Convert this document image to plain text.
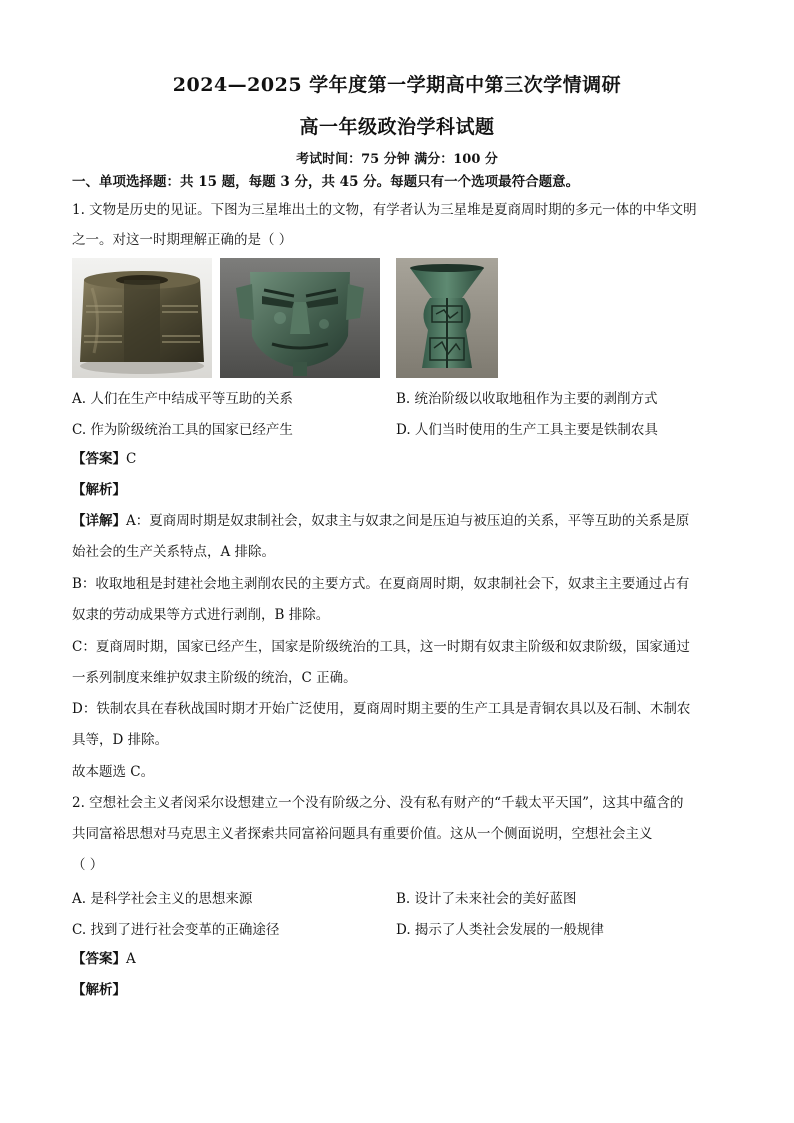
2024—2025 学年度第一学期高中第三次学情调研
高一年级政治学科试题
考试时间：75 分钟 满分：100 分
一、单项选择题：共 15 题，每题 3 分，共 45 分。每题只有一个选项最符合题意。
1. 文物是历史的见证。下图为三星堆出土的文物，有学者认为三星堆是夏商周时期的多元一体的中华文明
之一。对这一时期理解正确的是（ ）
A. 人们在生产中结成平等互助的关系	B. 统治阶级以收取地租作为主要的剥削方式
C. 作为阶级统治工具的国家已经产生	D. 人们当时使用的生产工具主要是铁制农具
【答案】C
【解析】
【详解】A：夏商周时期是奴隶制社会，奴隶主与奴隶之间是压迫与被压迫的关系，平等互助的关系是原
始社会的生产关系特点，A 排除。
B：收取地租是封建社会地主剥削农民的主要方式。在夏商周时期，奴隶制社会下，奴隶主主要通过占有
奴隶的劳动成果等方式进行剥削，B 排除。
C：夏商周时期，国家已经产生，国家是阶级统治的工具，这一时期有奴隶主阶级和奴隶阶级，国家通过
一系列制度来维护奴隶主阶级的统治，C 正确。
D：铁制农具在春秋战国时期才开始广泛使用，夏商周时期主要的生产工具是青铜农具以及石制、木制农
具等，D 排除。
故本题选 C。
2. 空想社会主义者闵采尔设想建立一个没有阶级之分、没有私有财产的“千载太平天国”，这其中蕴含的
共同富裕思想对马克思主义者探索共同富裕问题具有重要价值。这从一个侧面说明，空想社会主义
（ ）
A. 是科学社会主义的思想来源	B. 设计了未来社会的美好蓝图
C. 找到了进行社会变革的正确途径	D. 揭示了人类社会发展的一般规律
【答案】A
【解析】
